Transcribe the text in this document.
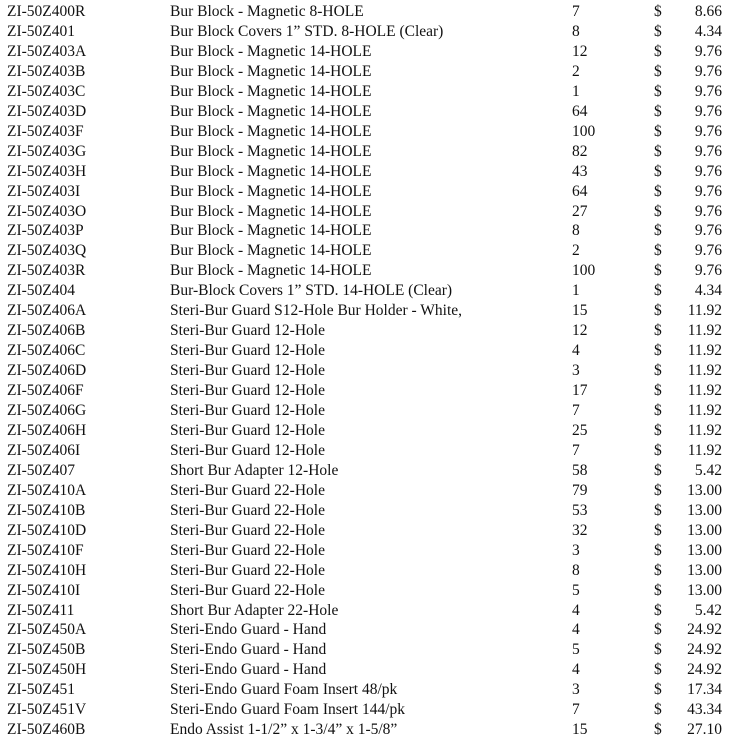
ZI-50Z400R	Bur Block - Magnetic 8-HOLE	7	$ 8.66
ZI-50Z401	Bur Block Covers 1” STD. 8-HOLE (Clear)	8	$ 4.34
ZI-50Z403A	Bur Block - Magnetic 14-HOLE	12	$ 9.76
ZI-50Z403B	Bur Block - Magnetic 14-HOLE	2	$ 9.76
ZI-50Z403C	Bur Block - Magnetic 14-HOLE	1	$ 9.76
ZI-50Z403D	Bur Block - Magnetic 14-HOLE	64	$ 9.76
ZI-50Z403F	Bur Block - Magnetic 14-HOLE	100	$ 9.76
ZI-50Z403G	Bur Block - Magnetic 14-HOLE	82	$ 9.76
ZI-50Z403H	Bur Block - Magnetic 14-HOLE	43	$ 9.76
ZI-50Z403I	Bur Block - Magnetic 14-HOLE	64	$ 9.76
ZI-50Z403O	Bur Block - Magnetic 14-HOLE	27	$ 9.76
ZI-50Z403P	Bur Block - Magnetic 14-HOLE	8	$ 9.76
ZI-50Z403Q	Bur Block - Magnetic 14-HOLE	2	$ 9.76
ZI-50Z403R	Bur Block - Magnetic 14-HOLE	100	$ 9.76
ZI-50Z404	Bur-Block Covers 1” STD. 14-HOLE (Clear)	1	$ 4.34
ZI-50Z406A	Steri-Bur Guard S12-Hole Bur Holder - White,	15	$ 11.92
ZI-50Z406B	Steri-Bur Guard 12-Hole	12	$ 11.92
ZI-50Z406C	Steri-Bur Guard 12-Hole	4	$ 11.92
ZI-50Z406D	Steri-Bur Guard 12-Hole	3	$ 11.92
ZI-50Z406F	Steri-Bur Guard 12-Hole	17	$ 11.92
ZI-50Z406G	Steri-Bur Guard 12-Hole	7	$ 11.92
ZI-50Z406H	Steri-Bur Guard 12-Hole	25	$ 11.92
ZI-50Z406I	Steri-Bur Guard 12-Hole	7	$ 11.92
ZI-50Z407	Short Bur Adapter 12-Hole	58	$ 5.42
ZI-50Z410A	Steri-Bur Guard 22-Hole	79	$ 13.00
ZI-50Z410B	Steri-Bur Guard 22-Hole	53	$ 13.00
ZI-50Z410D	Steri-Bur Guard 22-Hole	32	$ 13.00
ZI-50Z410F	Steri-Bur Guard 22-Hole	3	$ 13.00
ZI-50Z410H	Steri-Bur Guard 22-Hole	8	$ 13.00
ZI-50Z410I	Steri-Bur Guard 22-Hole	5	$ 13.00
ZI-50Z411	Short Bur Adapter 22-Hole	4	$ 5.42
ZI-50Z450A	Steri-Endo Guard - Hand	4	$ 24.92
ZI-50Z450B	Steri-Endo Guard - Hand	5	$ 24.92
ZI-50Z450H	Steri-Endo Guard - Hand	4	$ 24.92
ZI-50Z451	Steri-Endo Guard Foam Insert 48/pk	3	$ 17.34
ZI-50Z451V	Steri-Endo Guard Foam Insert 144/pk	7	$ 43.34
ZI-50Z460B	Endo Assist 1-1/2” x 1-3/4” x 1-5/8”	15	$ 27.10
